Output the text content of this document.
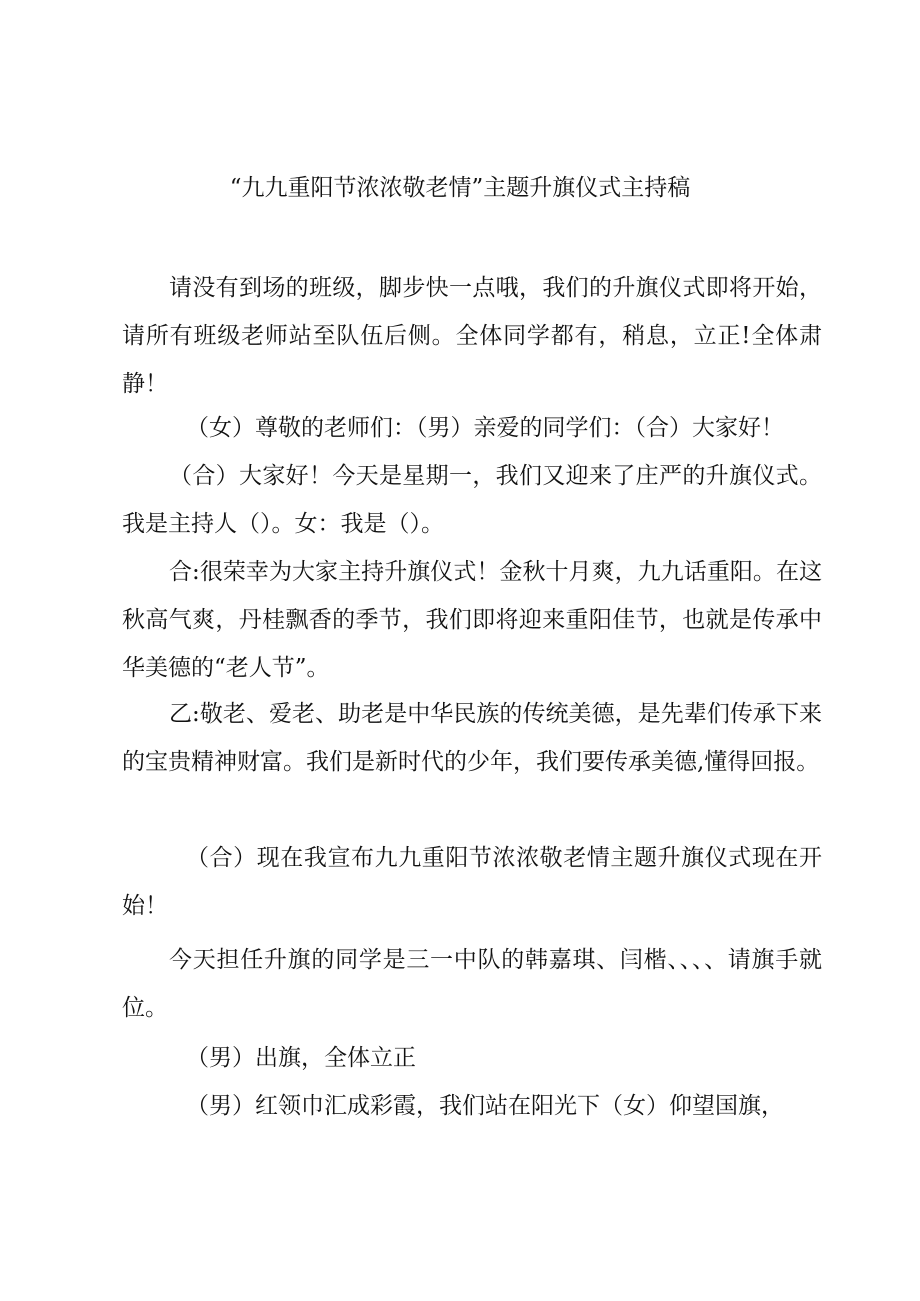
“九九重阳节浓浓敬老情”主题升旗仪式主持稿

请没有到场的班级，脚步快一点哦，我们的升旗仪式即将开始，请所有班级老师站至队伍后侧。全体同学都有，稍息，立正!全体肃静！

（女）尊敬的老师们：（男）亲爱的同学们：（合）大家好！

（合）大家好！今天是星期一，我们又迎来了庄严的升旗仪式。我是主持人（）。女：我是（）。

合:很荣幸为大家主持升旗仪式！金秋十月爽，九九话重阳。在这秋高气爽，丹桂飘香的季节，我们即将迎来重阳佳节，也就是传承中华美德的“老人节”。

乙:敬老、爱老、助老是中华民族的传统美德，是先辈们传承下来的宝贵精神财富。我们是新时代的少年，我们要传承美德,懂得回报。

（合）现在我宣布九九重阳节浓浓敬老情主题升旗仪式现在开始！

今天担任升旗的同学是三一中队的韩嘉琪、闫楷、、、、请旗手就位。

（男）出旗，全体立正

（男）红领巾汇成彩霞，我们站在阳光下（女）仰望国旗，
